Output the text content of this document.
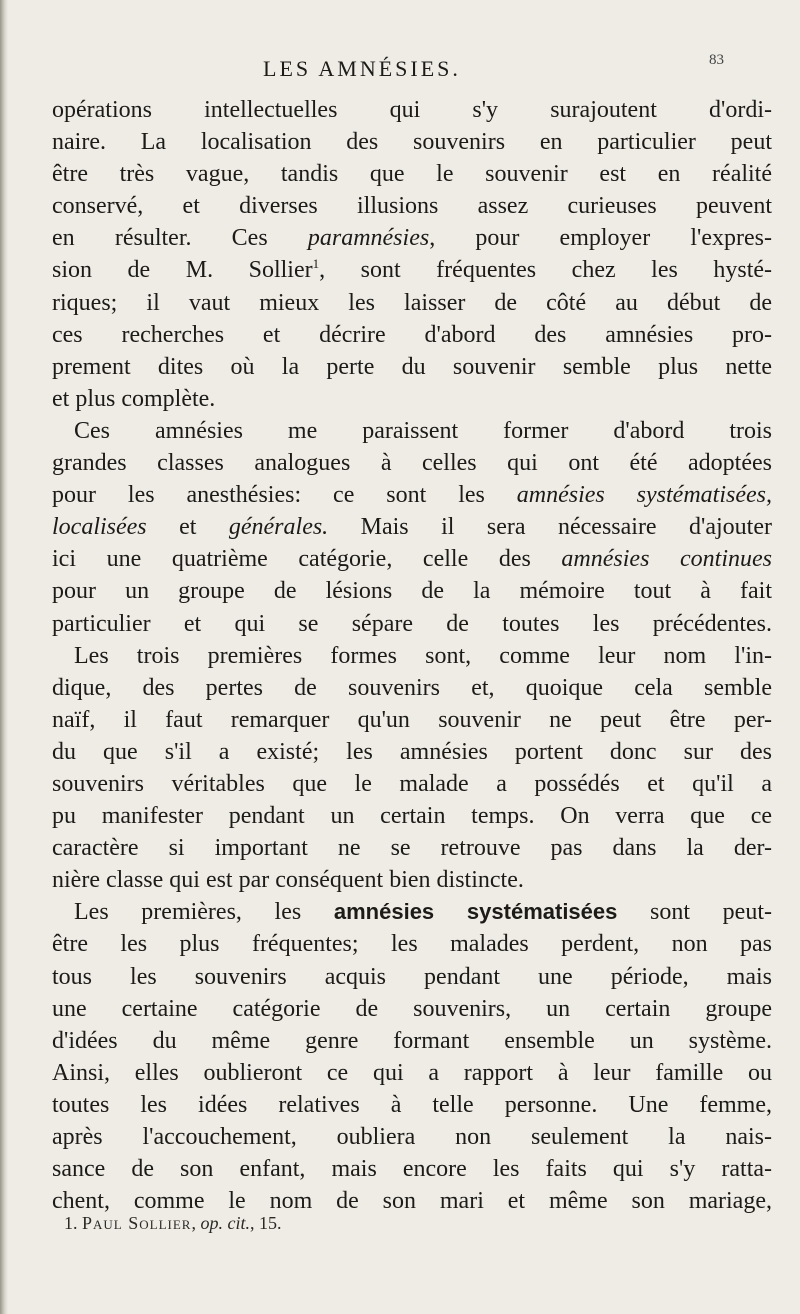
LES AMNÉSIES.	83
opérations intellectuelles qui s'y surajoutent d'ordi-
naire. La localisation des souvenirs en particulier peut
être très vague, tandis que le souvenir est en réalité
conservé, et diverses illusions assez curieuses peuvent
en résulter. Ces paramnésies, pour employer l'expres-
sion de M. Sollier$^1$, sont fréquentes chez les hysté-
riques; il vaut mieux les laisser de côté au début de
ces recherches et décrire d'abord des amnésies pro-
prement dites où la perte du souvenir semble plus nette
et plus complète.
Ces amnésies me paraissent former d'abord trois
grandes classes analogues à celles qui ont été adoptées
pour les anesthésies: ce sont les amnésies systématisées,
localisées et générales. Mais il sera nécessaire d'ajouter
ici une quatrième catégorie, celle des amnésies continues
pour un groupe de lésions de la mémoire tout à fait
particulier et qui se sépare de toutes les précédentes.
Les trois premières formes sont, comme leur nom l'in-
dique, des pertes de souvenirs et, quoique cela semble
naïf, il faut remarquer qu'un souvenir ne peut être per-
du que s'il a existé; les amnésies portent donc sur des
souvenirs véritables que le malade a possédés et qu'il a
pu manifester pendant un certain temps. On verra que ce
caractère si important ne se retrouve pas dans la der-
nière classe qui est par conséquent bien distincte.
Les premières, les amnésies systématisées sont peut-
être les plus fréquentes; les malades perdent, non pas
tous les souvenirs acquis pendant une période, mais
une certaine catégorie de souvenirs, un certain groupe
d'idées du même genre formant ensemble un système.
Ainsi, elles oublieront ce qui a rapport à leur famille ou
toutes les idées relatives à telle personne. Une femme,
après l'accouchement, oubliera non seulement la nais-
sance de son enfant, mais encore les faits qui s'y ratta-
chent, comme le nom de son mari et même son mariage,
1. Paul Sollier, op. cit., 15.
